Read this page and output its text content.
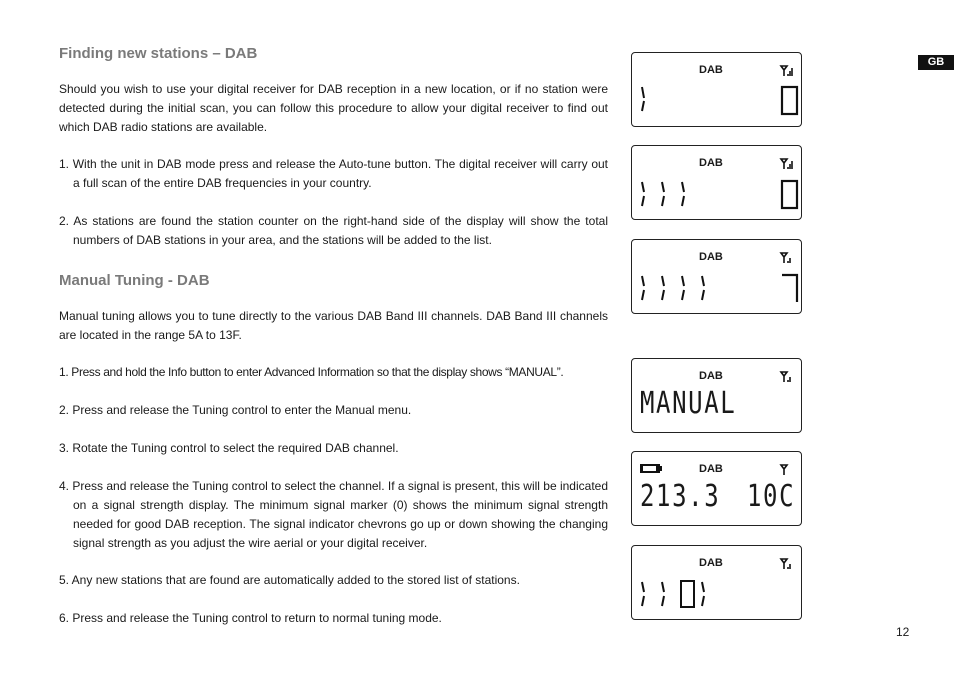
Finding new stations – DAB

Should you wish to use your digital receiver for DAB reception in a new location, or if no station were detected during the initial scan, you can follow this procedure to allow your digital receiver to find out which DAB radio stations are available.

1. With the unit in DAB mode press and release the Auto-tune button. The digital receiver will carry out a full scan of the entire DAB frequencies in your country.

2. As stations are found the station counter on the right-hand side of the display will show the total numbers of DAB stations in your area, and the stations will be added to the list.

Manual Tuning - DAB

Manual tuning allows you to tune directly to the various DAB Band III channels. DAB Band III channels are located in the range 5A to 13F.

1. Press and hold the Info button to enter Advanced Information so that the display shows “MANUAL”.

2. Press and release the Tuning control to enter the Manual menu.

3. Rotate the Tuning control to select the required DAB channel.

4. Press and release the Tuning control to select the channel. If a signal is present, this will be indicated on a signal strength display. The minimum signal marker (0) shows the minimum signal strength needed for good DAB reception. The signal indicator chevrons go up or down showing the changing signal strength as you adjust the wire aerial or your digital receiver.

5. Any new stations that are found are automatically added to the stored list of stations.

6. Press and release the Tuning control to return to normal tuning mode.

GB
12
DAB
DAB
DAB
DAB
MANUAL
DAB
213.3 10C
DAB
